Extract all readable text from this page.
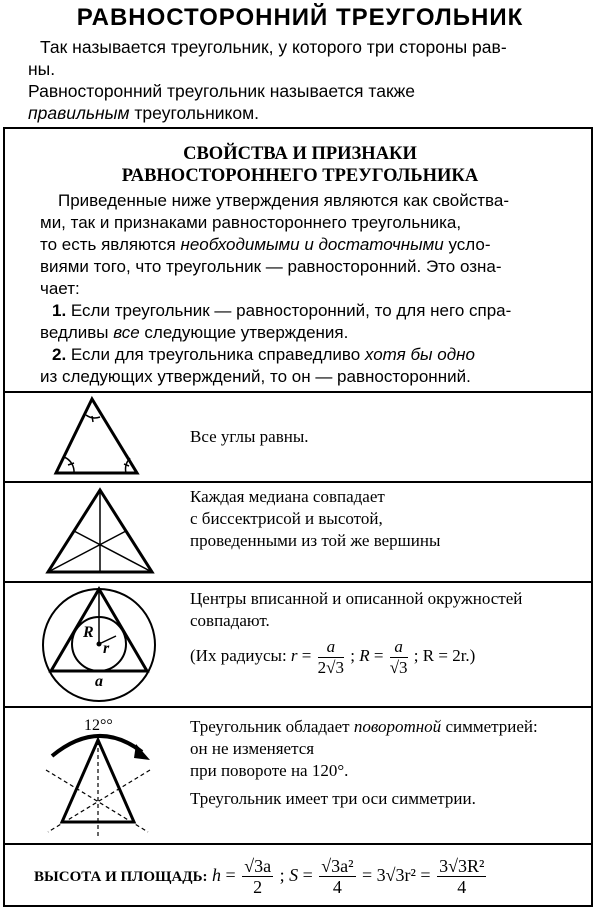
РАВНОСТОРОННИЙ ТРЕУГОЛЬНИК
Так называется треугольник, у которого три стороны рав-
ны.
Равносторонний треугольник называется также
правильным треугольником.
СВОЙСТВА И ПРИЗНАКИ
РАВНОСТОРОННЕГО ТРЕУГОЛЬНИКА
Приведенные ниже утверждения являются как свойства-
ми, так и признаками равностороннего треугольника,
то есть являются необходимыми и достаточными усло-
виями того, что треугольник — равносторонний. Это озна-
чает:
1. Если треугольник — равносторонний, то для него спра-
ведливы все следующие утверждения.
2. Если для треугольника справедливо хотя бы одно
из следующих утверждений, то он — равносторонний.
Все углы равны.
Каждая медиана совпадает
с биссектрисой и высотой,
проведенными из той же вершины
R
r
a
Центры вписанной и описанной окружностей
совпадают.
(Их радиусы: $r = \frac{a}{2√3}$ ; $R = \frac{a}{√3}$ ; R = 2r.)
12°°	Треугольник обладает поворотной симметрией:
он не изменяется
при повороте на 120°.
Треугольник имеет три оси симметрии.
ВЫСОТА И ПЛОЩАДЬ: $h = \frac{√3a}{2}$ ; $S = \frac{\text{√3a²}}{4} = 3√3r^2 = \frac{\text{3√3R²}}{4}$
